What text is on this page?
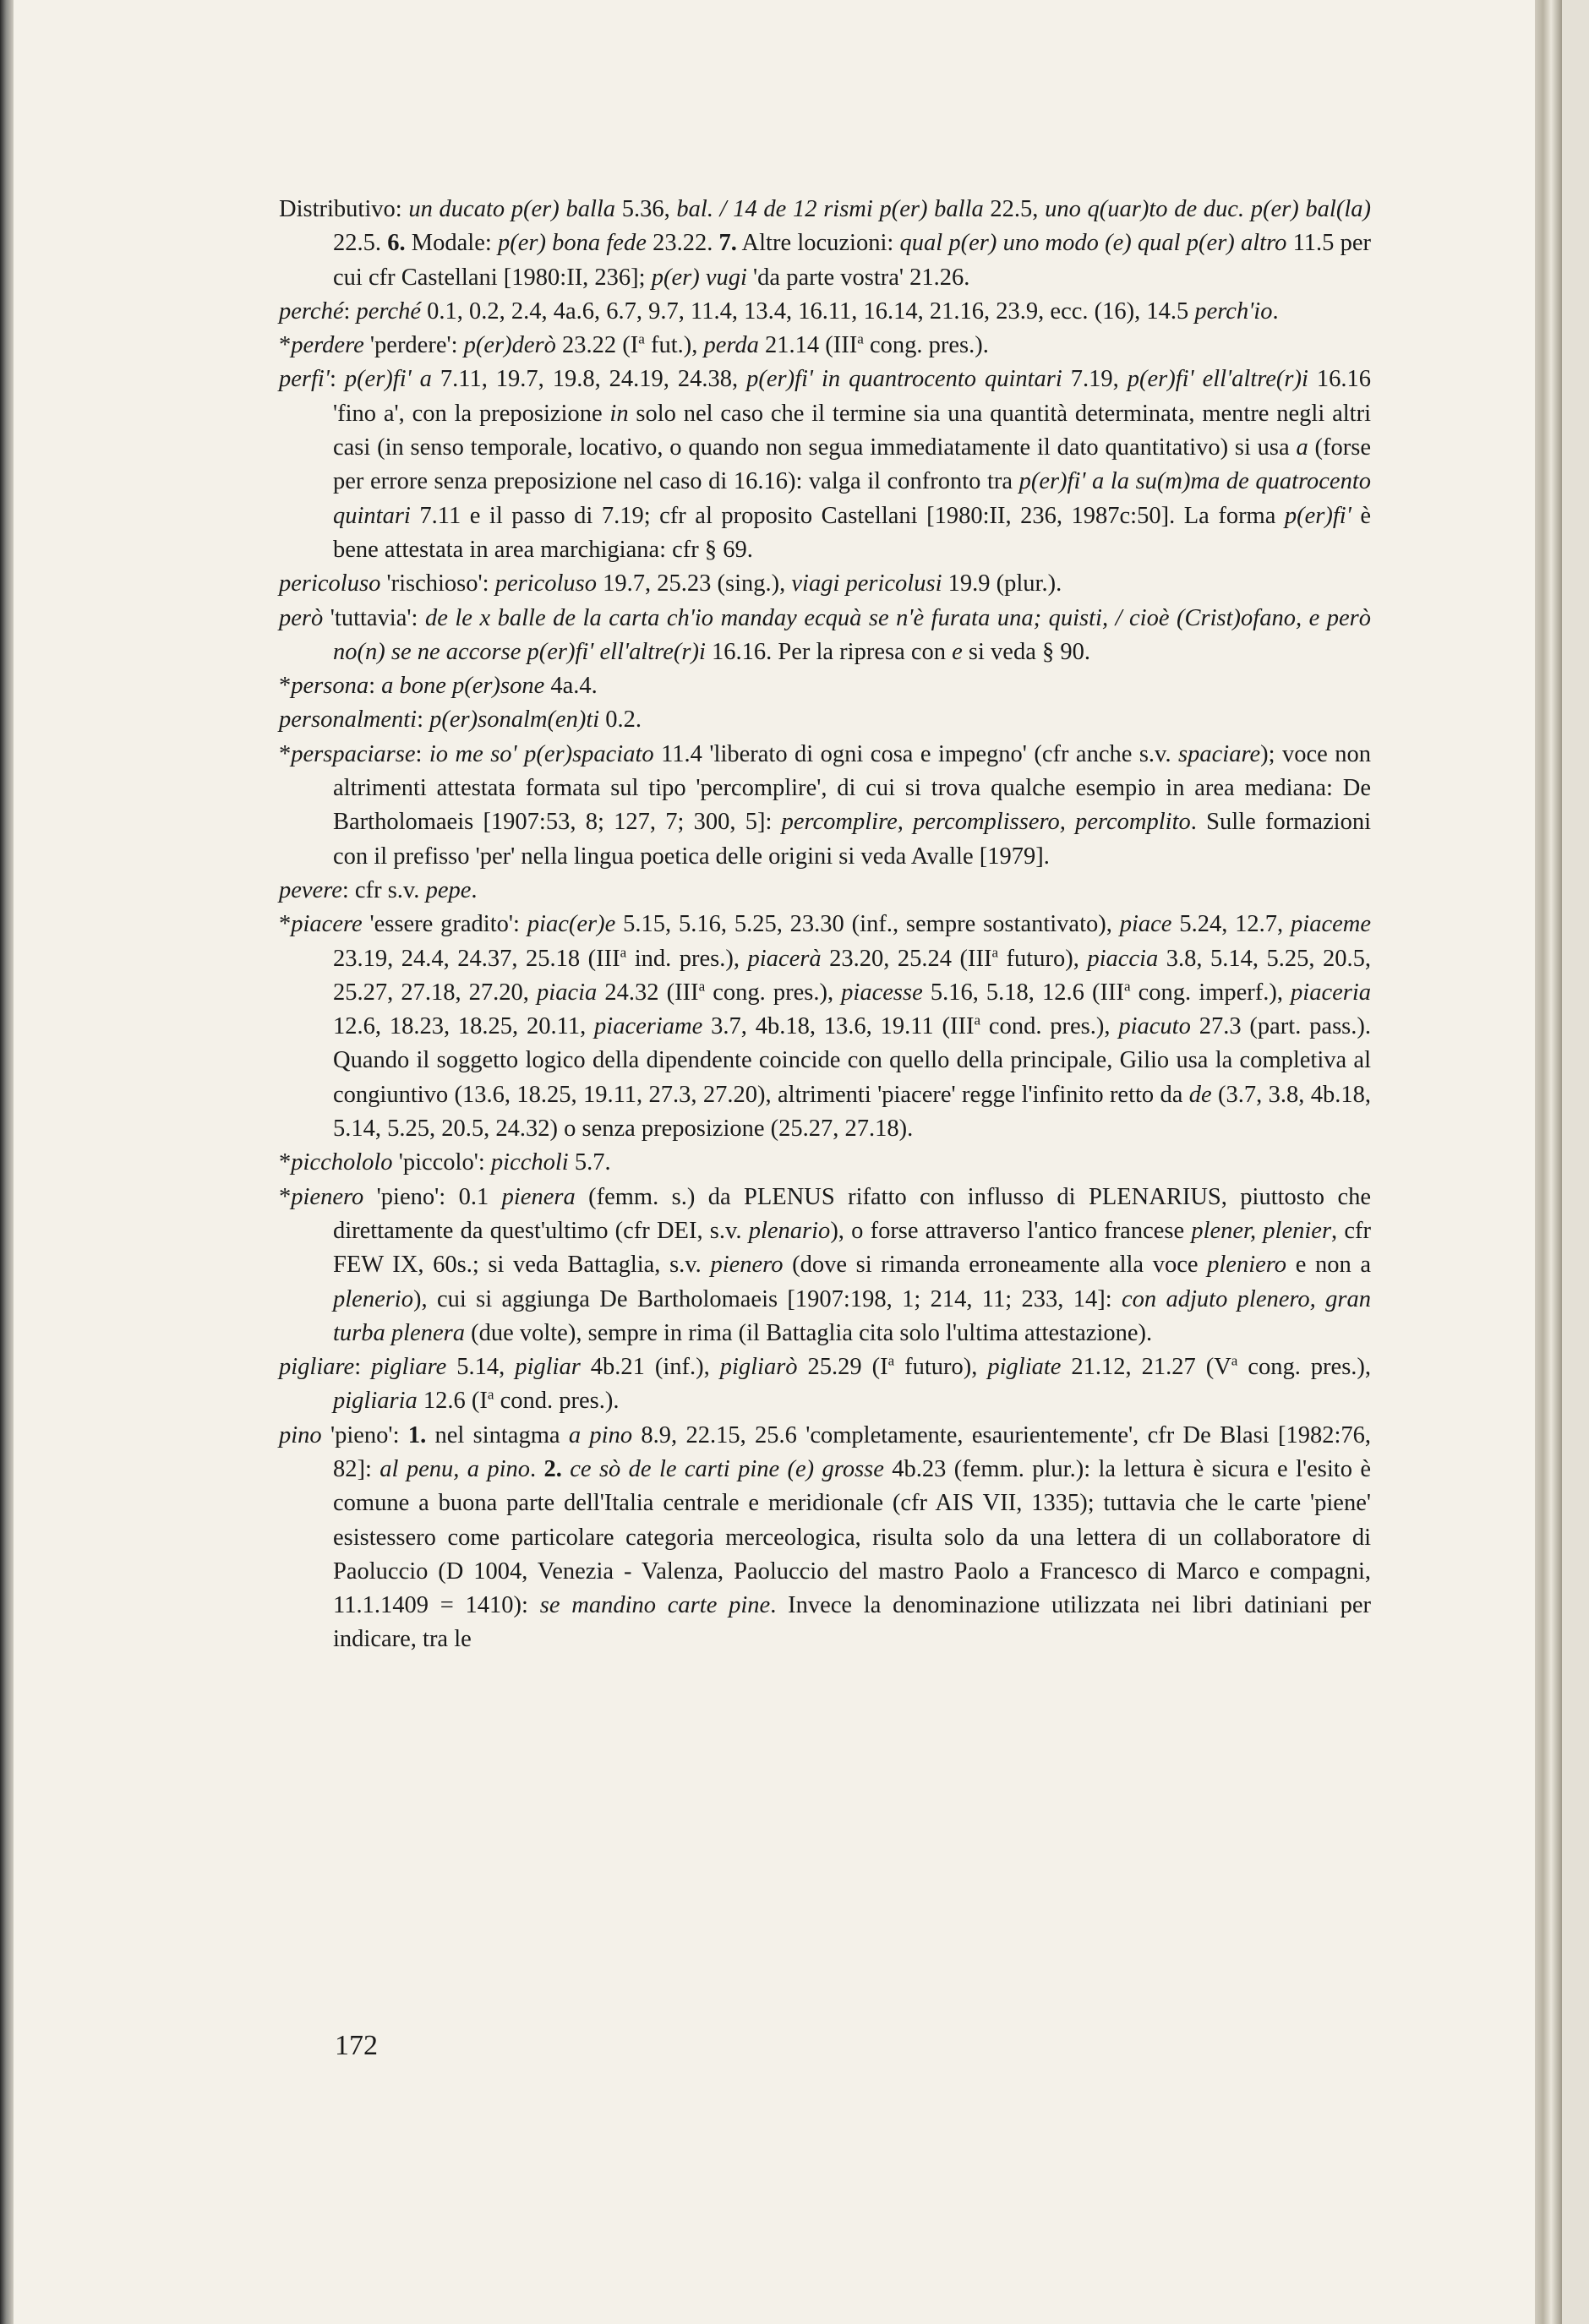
Distributivo: un ducato p(er) balla 5.36, bal. / 14 de 12 rismi p(er) balla 22.5, uno q(uar)to de duc. p(er) bal(la) 22.5. 6. Modale: p(er) bona fede 23.22. 7. Altre locuzioni: qual p(er) uno modo (e) qual p(er) altro 11.5 per cui cfr Castellani [1980:II, 236]; p(er) vugi 'da parte vostra' 21.26.

perché: perché 0.1, 0.2, 2.4, 4a.6, 6.7, 9.7, 11.4, 13.4, 16.11, 16.14, 21.16, 23.9, ecc. (16), 14.5 perch'io.

*perdere 'perdere': p(er)derò 23.22 ($I^a$ fut.), perda 21.14 (III$^a$ cong. pres.).

perfi': p(er)fi' a 7.11, 19.7, 19.8, 24.19, 24.38, p(er)fi' in quantrocento quintari 7.19, p(er)fi' ell'altre(r)i 16.16 'fino a', con la preposizione in solo nel caso che il termine sia una quantità determinata, mentre negli altri casi (in senso temporale, locativo, o quando non segua immediatamente il dato quantitativo) si usa a (forse per errore senza preposizione nel caso di 16.16): valga il confronto tra p(er)fi' a la su(m)ma de quatrocento quintari 7.11 e il passo di 7.19; cfr al proposito Castellani [1980:II, 236, 1987c:50]. La forma p(er)fi' è bene attestata in area marchigiana: cfr § 69.

pericoluso 'rischioso': pericoluso 19.7, 25.23 (sing.), viagi pericolusi 19.9 (plur.).

però 'tuttavia': de le x balle de la carta ch'io manday ecquà se n'è furata una; quisti, / cioè (Crist)ofano, e però no(n) se ne accorse p(er)fi' ell'altre(r)i 16.16. Per la ripresa con e si veda § 90.

*persona: a bone p(er)sone 4a.4.

personalmenti: p(er)sonalm(en)ti 0.2.

*perspaciarse: io me so' p(er)spaciato 11.4 'liberato di ogni cosa e impegno' (cfr anche s.v. spaciare); voce non altrimenti attestata formata sul tipo 'percomplire', di cui si trova qualche esempio in area mediana: De Bartholomaeis [1907:53, 8; 127, 7; 300, 5]: percomplire, percomplissero, percomplito. Sulle formazioni con il prefisso 'per' nella lingua poetica delle origini si veda Avalle [1979].

pevere: cfr s.v. pepe.

*piacere 'essere gradito': piac(er)e 5.15, 5.16, 5.25, 23.30 (inf., sempre sostantivato), piace 5.24, 12.7, piaceme 23.19, 24.4, 24.37, 25.18 (III$^a$ ind. pres.), piacerà 23.20, 25.24 (III$^a$ futuro), piaccia 3.8, 5.14, 5.25, 20.5, 25.27, 27.18, 27.20, piacia 24.32 (III$^a$ cong. pres.), piacesse 5.16, 5.18, 12.6 (III$^a$ cong. imperf.), piaceria 12.6, 18.23, 18.25, 20.11, piaceriame 3.7, 4b.18, 13.6, 19.11 (III$^a$ cond. pres.), piacuto 27.3 (part. pass.). Quando il soggetto logico della dipendente coincide con quello della principale, Gilio usa la completiva al congiuntivo (13.6, 18.25, 19.11, 27.3, 27.20), altrimenti 'piacere' regge l'infinito retto da de (3.7, 3.8, 4b.18, 5.14, 5.25, 20.5, 24.32) o senza preposizione (25.27, 27.18).

*picchololo 'piccolo': piccholi 5.7.

*pienero 'pieno': 0.1 pienera (femm. s.) da PLENUS rifatto con influsso di PLENARIUS, piuttosto che direttamente da quest'ultimo (cfr DEI, s.v. plenario), o forse attraverso l'antico francese plener, plenier, cfr FEW IX, 60s.; si veda Battaglia, s.v. pienero (dove si rimanda erroneamente alla voce pleniero e non a plenerio), cui si aggiunga De Bartholomaeis [1907:198, 1; 214, 11; 233, 14]: con adjuto plenero, gran turba plenera (due volte), sempre in rima (il Battaglia cita solo l'ultima attestazione).

pigliare: pigliare 5.14, pigliar 4b.21 (inf.), pigliarò 25.29 ($I^a$ futuro), pigliate 21.12, 21.27 ($V^a$ cong. pres.), pigliaria 12.6 ($I^a$ cond. pres.).

pino 'pieno': 1. nel sintagma a pino 8.9, 22.15, 25.6 'completamente, esaurientemente', cfr De Blasi [1982:76, 82]: al penu, a pino. 2. ce sò de le carti pine (e) grosse 4b.23 (femm. plur.): la lettura è sicura e l'esito è comune a buona parte dell'Italia centrale e meridionale (cfr AIS VII, 1335); tuttavia che le carte 'piene' esistessero come particolare categoria merceologica, risulta solo da una lettera di un collaboratore di Paoluccio (D 1004, Venezia - Valenza, Paoluccio del mastro Paolo a Francesco di Marco e compagni, 11.1.1409 = 1410): se mandino carte pine. Invece la denominazione utilizzata nei libri datiniani per indicare, tra le

172
